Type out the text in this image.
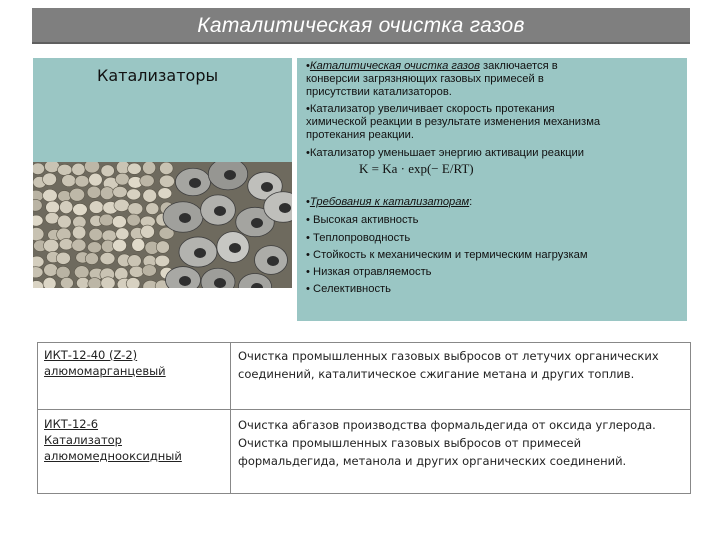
Каталитическая очистка газов
Катализаторы	•Каталитическая очистка газов заключается в
конверсии загрязняющих газовых примесей в
присутствии катализаторов.
•Катализатор увеличивает скорость протекания
химической реакции в результате изменения механизма
протекания реакции.
•Катализатор уменьшает энергию активации реакции
K = Ka · exp(− E/RT)
•Требования к катализаторам:
• Высокая активность
• Теплопроводность
• Стойкость к механическим и термическим нагрузкам
• Низкая отравляемость
• Селективность
ИКТ-12-40 (Z-2)
алюмомарганцевый
Очистка промышленных газовых выбросов от летучих органических соединений, каталитическое сжигание метана и других топлив.
ИКТ-12-6
Катализатор
алюмомеднооксидный
Очистка абгазов производства формальдегида от оксида углерода. Очистка промышленных газовых выбросов от примесей формальдегида, метанола и других органических соединений.
